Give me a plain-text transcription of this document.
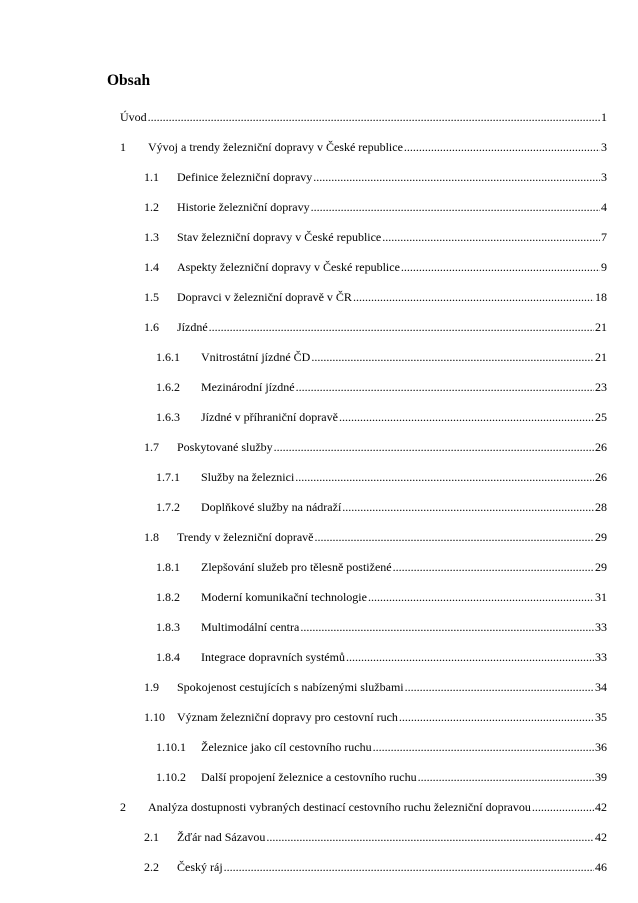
Obsah
Úvod .....	1
1	Vývoj a trendy železniční dopravy v České republice .....	3
1.1	Definice železniční dopravy .....	3
1.2	Historie železniční dopravy .....	4
1.3	Stav železniční dopravy v České republice .....	7
1.4	Aspekty železniční dopravy v České republice .....	9
1.5	Dopravci v železniční dopravě v ČR .....	18
1.6	Jízdné .....	21
1.6.1	Vnitrostátní jízdné ČD .....	21
1.6.2	Mezinárodní jízdné .....	23
1.6.3	Jízdné v příhraniční dopravě .....	25
1.7	Poskytované služby .....	26
1.7.1	Služby na železnici .....	26
1.7.2	Doplňkové služby na nádraží .....	28
1.8	Trendy v železniční dopravě .....	29
1.8.1	Zlepšování služeb pro tělesně postižené .....	29
1.8.2	Moderní komunikační technologie .....	31
1.8.3	Multimodální centra .....	33
1.8.4	Integrace dopravních systémů .....	33
1.9	Spokojenost cestujících s nabízenými službami .....	34
1.10	Význam železniční dopravy pro cestovní ruch .....	35
1.10.1	Železnice jako cíl cestovního ruchu .....	36
1.10.2	Další propojení železnice a cestovního ruchu .....	39
2	Analýza dostupnosti vybraných destinací cestovního ruchu železniční dopravou .....	42
2.1	Žďár nad Sázavou .....	42
2.2	Český ráj .....	46
